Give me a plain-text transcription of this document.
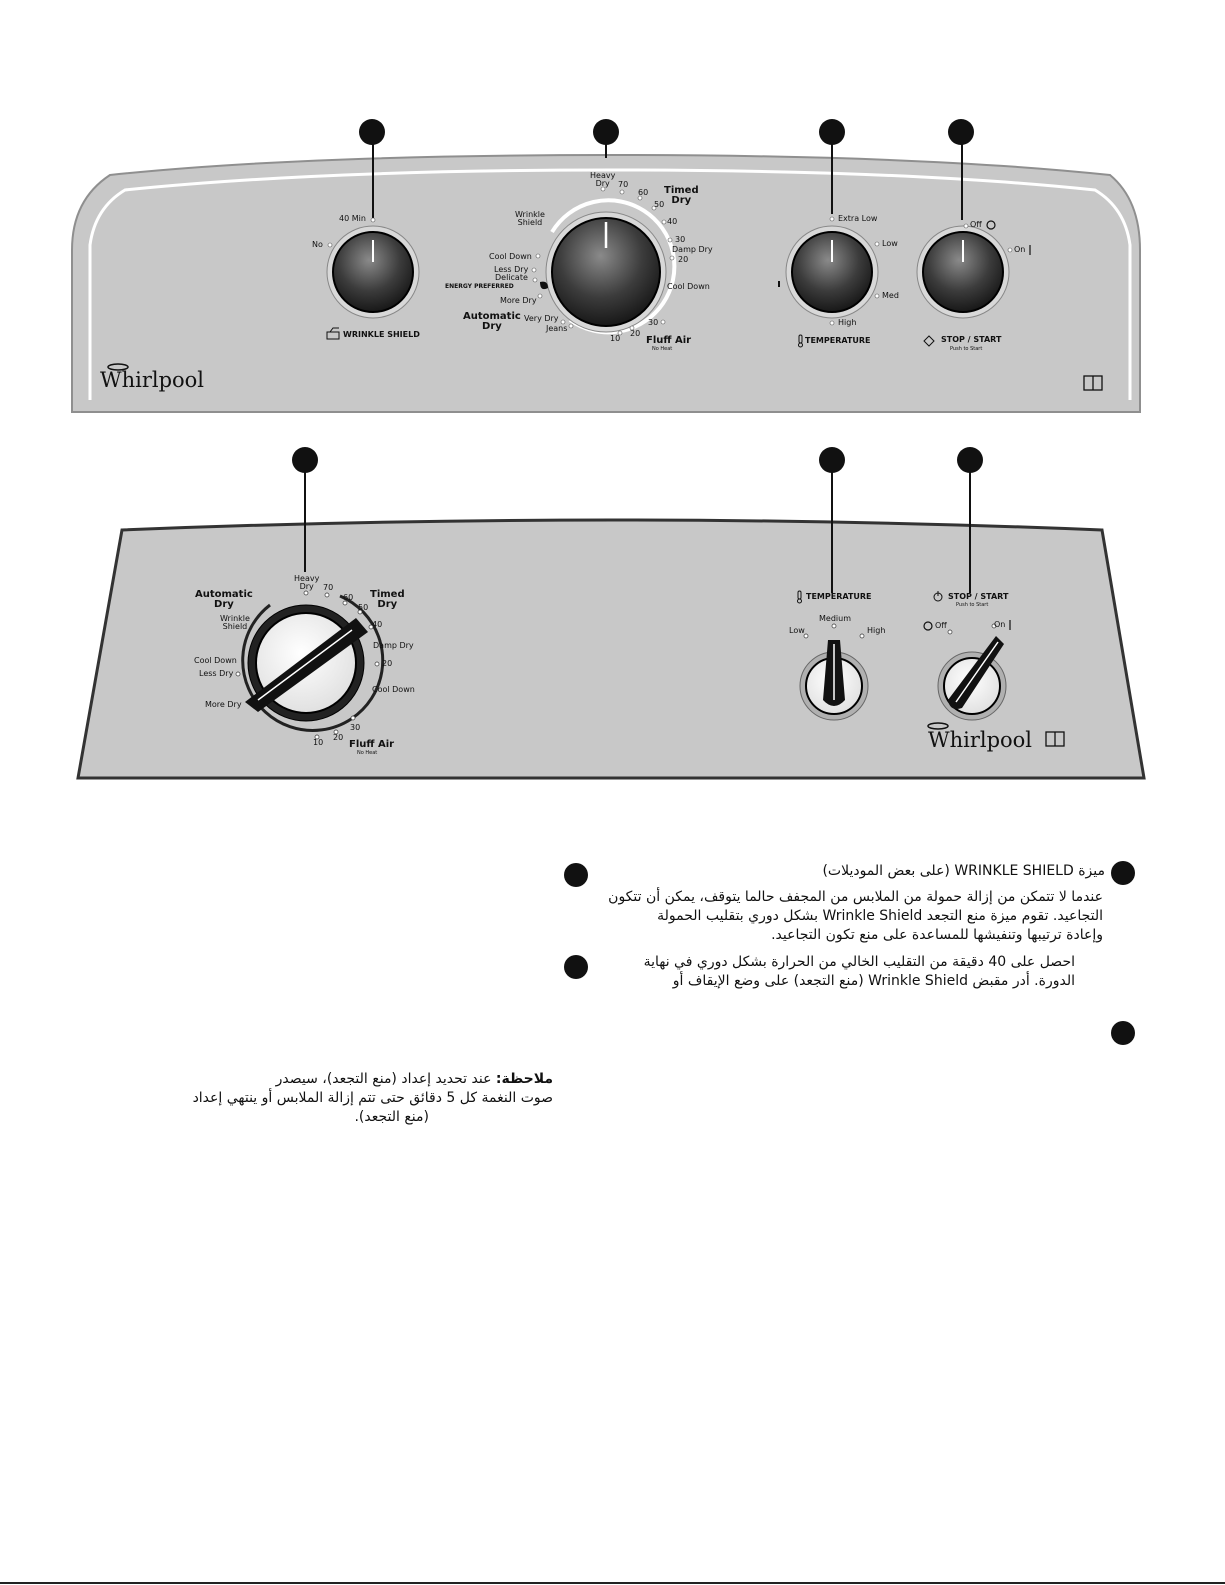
40 Min
No
WRINKLE SHIELD
Heavy
Dry	70
60 Timed
Dry
50
40
30
Damp Dry
20
Cool Down
30
20
10	Fluff Air
No Heat
Wrinkle
Shield
Cool Down
Less Dry
Delicate
ENERGY PREFERRED
More Dry
Automatic
Dry
Very Dry
Jeans
Extra Low
Low
Med
High
TEMPERATURE
Off
On
STOP / START
Push to Start
Whirlpool
Automatic
Dry
Wrinkle
Shield
Cool Down
Less Dry
More Dry
Heavy
Dry	70
60
50
Timed
Dry
40
Damp Dry
20
Cool Down
30
20
10	Fluff Air
No Heat
TEMPERATURE
Low
Medium
High
STOP / START
Push to Start
Off	On
Whirlpool
ميزة WRINKLE SHIELD (على بعض الموديلات)
عندما لا تتمكن من إزالة حمولة من الملابس من المجفف حالما يتوقف، يمكن أن تتكون
التجاعيد. تقوم ميزة منع التجعد Wrinkle Shield بشكل دوري بتقليب الحمولة
وإعادة ترتيبها وتنفيشها للمساعدة على منع تكون التجاعيد.
احصل على 40 دقيقة من التقليب الخالي من الحرارة بشكل دوري في نهاية
الدورة. أدر مقبض Wrinkle Shield (منع التجعد) على وضع الإيقاف أو
ملاحظة: عند تحديد إعداد (منع التجعد)، سيصدر
صوت النغمة كل 5 دقائق حتى تتم إزالة الملابس أو ينتهي إعداد
(منع التجعد).
